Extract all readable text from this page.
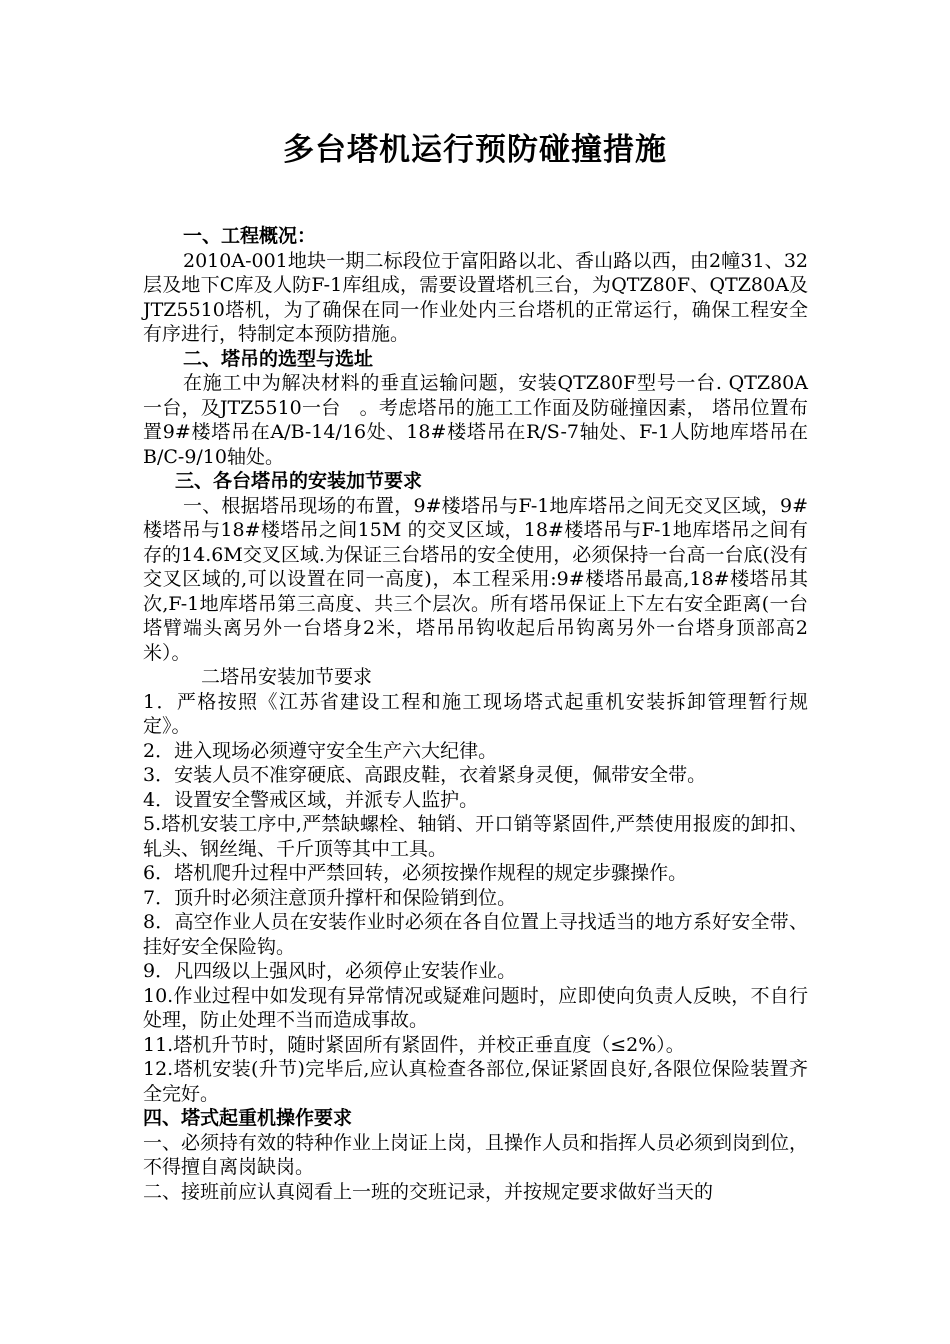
多台塔机运行预防碰撞措施

一、工程概况：

2010A-001地块一期二标段位于富阳路以北、香山路以西，由2幢31、32层及地下C库及人防F-1库组成，需要设置塔机三台，为QTZ80F、QTZ80A及JTZ5510塔机，为了确保在同一作业处内三台塔机的正常运行，确保工程安全有序进行，特制定本预防措施。

二、塔吊的选型与选址

在施工中为解决材料的垂直运输问题，安装QTZ80F型号一台. QTZ80A一台，及JTZ5510一台　。考虑塔吊的施工工作面及防碰撞因素， 塔吊位置布置9#楼塔吊在A/B-14/16处、18#楼塔吊在R/S-7轴处、F-1人防地库塔吊在B/C-9/10轴处。

三、各台塔吊的安装加节要求

一、根据塔吊现场的布置，9#楼塔吊与F-1地库塔吊之间无交叉区域，9#楼塔吊与18#楼塔吊之间15M 的交叉区域，18#楼塔吊与F-1地库塔吊之间有存的14.6M交叉区域.为保证三台塔吊的安全使用，必须保持一台高一台底(没有交叉区域的,可以设置在同一高度)，本工程采用:9#楼塔吊最高,18#楼塔吊其次,F-1地库塔吊第三高度、共三个层次。所有塔吊保证上下左右安全距离(一台塔臂端头离另外一台塔身2米，塔吊吊钩收起后吊钩离另外一台塔身顶部高2米）。

二塔吊安装加节要求

1．严格按照《江苏省建设工程和施工现场塔式起重机安装拆卸管理暂行规定》。

2．进入现场必须遵守安全生产六大纪律。

3．安装人员不准穿硬底、高跟皮鞋，衣着紧身灵便，佩带安全带。

4．设置安全警戒区域，并派专人监护。

5.塔机安装工序中,严禁缺螺栓、轴销、开口销等紧固件,严禁使用报废的卸扣、轧头、钢丝绳、千斤顶等其中工具。

6．塔机爬升过程中严禁回转，必须按操作规程的规定步骤操作。

7．顶升时必须注意顶升撑杆和保险销到位。

8．高空作业人员在安装作业时必须在各自位置上寻找适当的地方系好安全带、挂好安全保险钩。

9．凡四级以上强风时，必须停止安装作业。

10.作业过程中如发现有异常情况或疑难问题时，应即使向负责人反映，不自行处理，防止处理不当而造成事故。

11.塔机升节时，随时紧固所有紧固件，并校正垂直度（≤2%）。

12.塔机安装(升节)完毕后,应认真检查各部位,保证紧固良好,各限位保险装置齐全完好。

四、塔式起重机操作要求

一、必须持有效的特种作业上岗证上岗，且操作人员和指挥人员必须到岗到位，不得擅自离岗缺岗。

二、接班前应认真阅看上一班的交班记录，并按规定要求做好当天的
